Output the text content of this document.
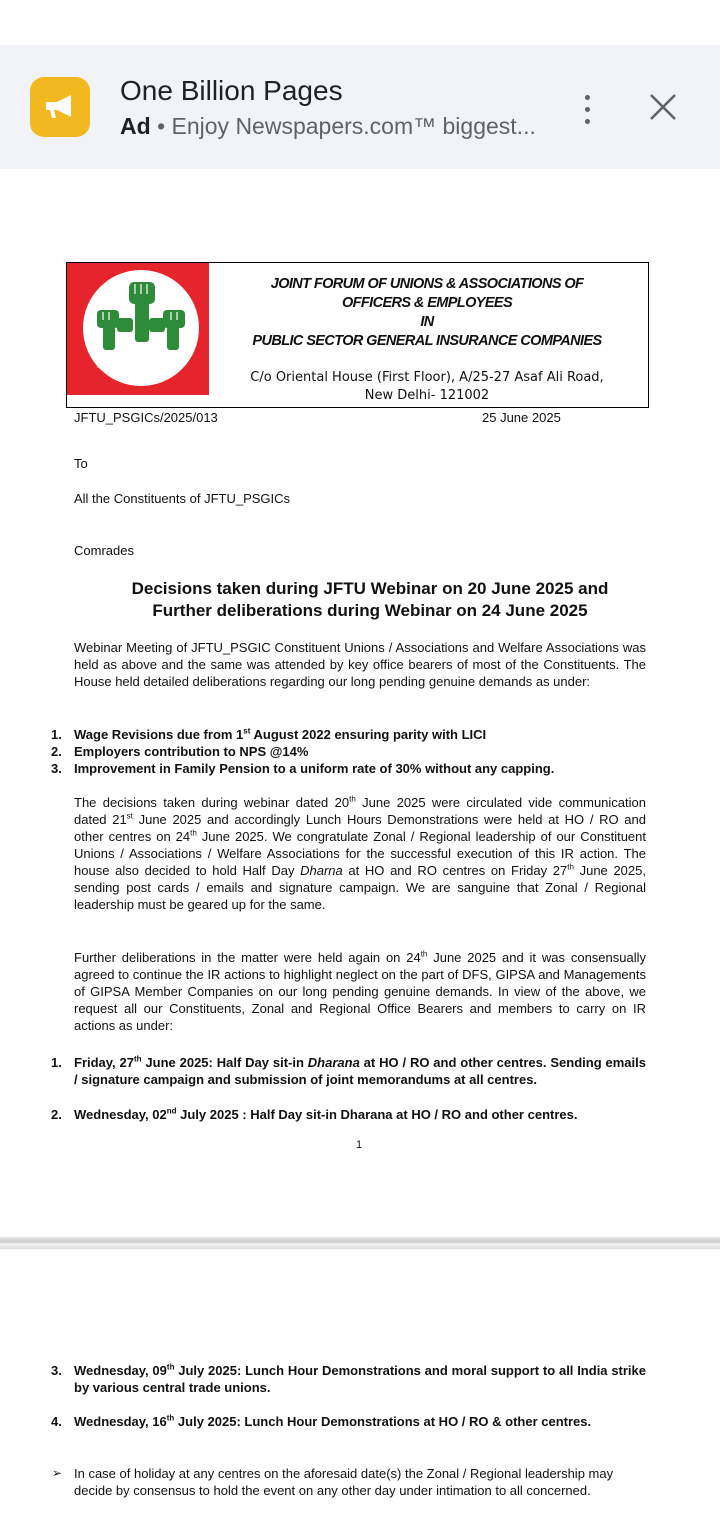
One Billion Pages
Ad • Enjoy Newspapers.com™ biggest...
JFTU_PSGICs
JOINT FORUM OF UNIONS & ASSOCIATIONS OF
OFFICERS & EMPLOYEES
IN
PUBLIC SECTOR GENERAL INSURANCE COMPANIES
C/o Oriental House (First Floor), A/25-27 Asaf Ali Road,
New Delhi- 121002
JFTU_PSGICs/2025/013	25 June 2025
To
All the Constituents of JFTU_PSGICs
Comrades
Decisions taken during JFTU Webinar on 20 June 2025 and
Further deliberations during Webinar on 24 June 2025
Webinar Meeting of JFTU_PSGIC Constituent Unions / Associations and Welfare Associations was held as above and the same was attended by key office bearers of most of the Constituents. The House held detailed deliberations regarding our long pending genuine demands as under:
1. Wage Revisions due from 1st August 2022 ensuring parity with LICI
2. Employers contribution to NPS @14%
3. Improvement in Family Pension to a uniform rate of 30% without any capping.
The decisions taken during webinar dated 20th June 2025 were circulated vide communication dated 21st June 2025 and accordingly Lunch Hours Demonstrations were held at HO / RO and other centres on 24th June 2025. We congratulate Zonal / Regional leadership of our Constituent Unions / Associations / Welfare Associations for the successful execution of this IR action. The house also decided to hold Half Day Dharna at HO and RO centres on Friday 27th June 2025, sending post cards / emails and signature campaign. We are sanguine that Zonal / Regional leadership must be geared up for the same.
Further deliberations in the matter were held again on 24th June 2025 and it was consensually agreed to continue the IR actions to highlight neglect on the part of DFS, GIPSA and Managements of GIPSA Member Companies on our long pending genuine demands. In view of the above, we request all our Constituents, Zonal and Regional Office Bearers and members to carry on IR actions as under:
1. Friday, 27th June 2025: Half Day sit-in Dharana at HO / RO and other centres. Sending emails / signature campaign and submission of joint memorandums at all centres.
2. Wednesday, 02nd July 2025 : Half Day sit-in Dharana at HO / RO and other centres.
1
3. Wednesday, 09th July 2025: Lunch Hour Demonstrations and moral support to all India strike by various central trade unions.
4. Wednesday, 16th July 2025: Lunch Hour Demonstrations at HO / RO & other centres.
➢ In case of holiday at any centres on the aforesaid date(s) the Zonal / Regional leadership may decide by consensus to hold the event on any other day under intimation to all concerned.
